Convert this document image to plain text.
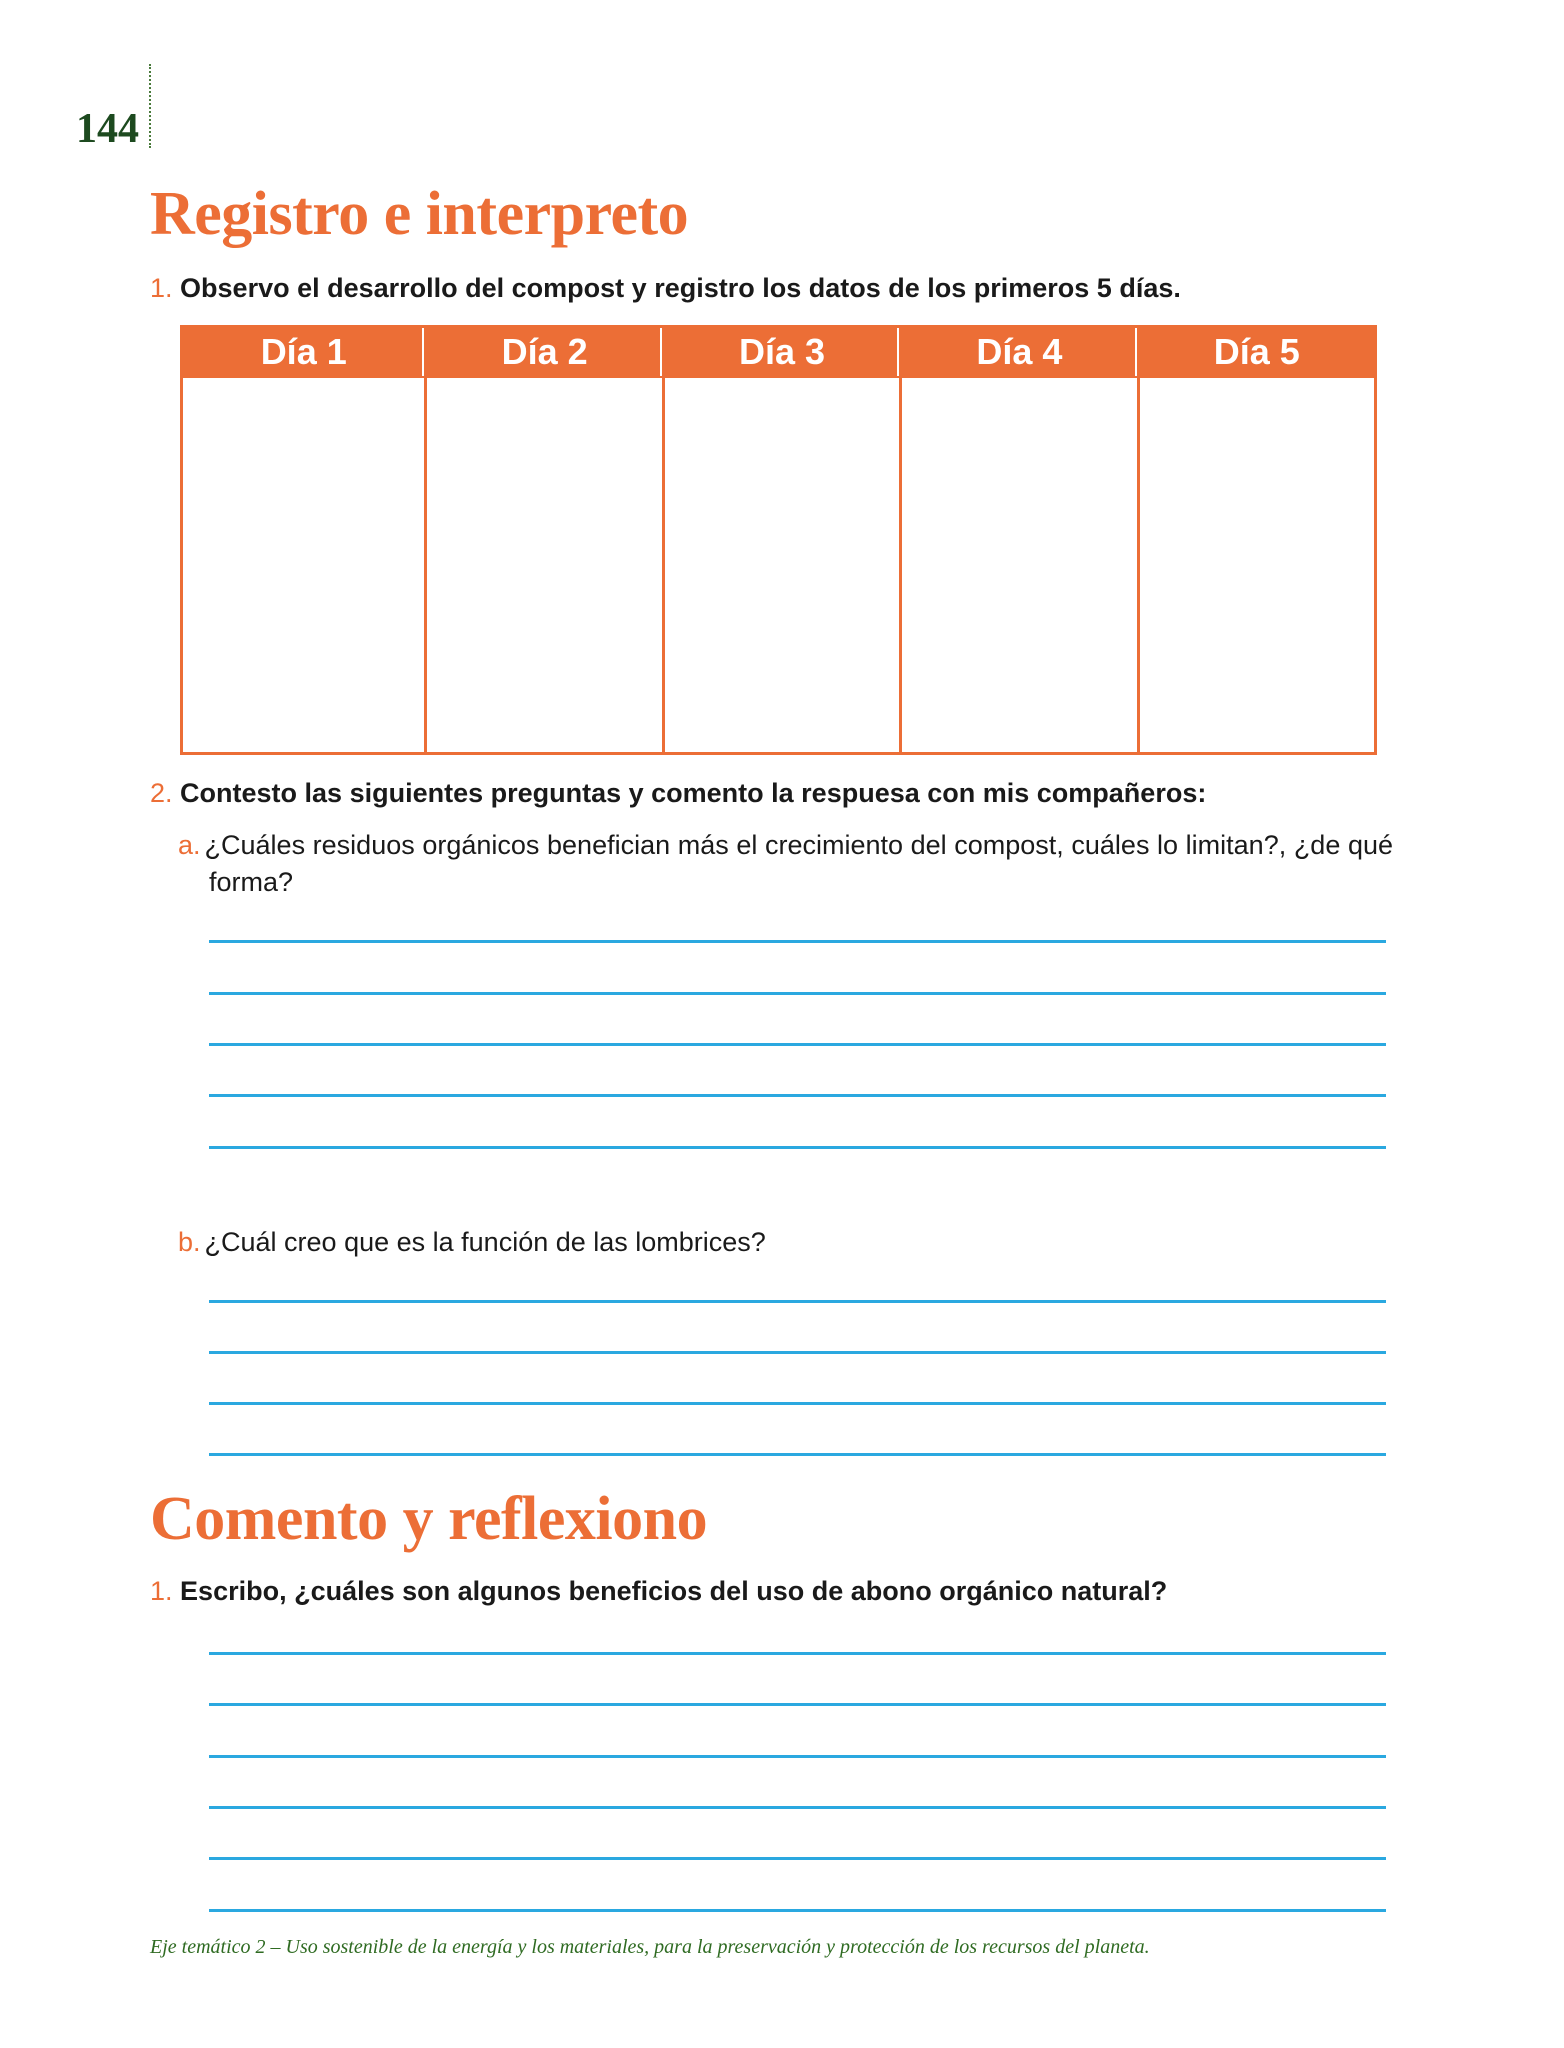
144
Registro e interpreto
1. Observo el desarrollo del compost y registro los datos de los primeros 5 días.
Día 1	Día 2	Día 3	Día 4	Día 5
2. Contesto las siguientes preguntas y comento la respuesa con mis compañeros:
a. ¿Cuáles residuos orgánicos benefician más el crecimiento del compost, cuáles lo limitan?, ¿de qué forma?
b. ¿Cuál creo que es la función de las lombrices?
Comento y reflexiono
1. Escribo, ¿cuáles son algunos beneficios del uso de abono orgánico natural?

Eje temático 2 – Uso sostenible de la energía y los materiales, para la preservación y protección de los recursos del planeta.
